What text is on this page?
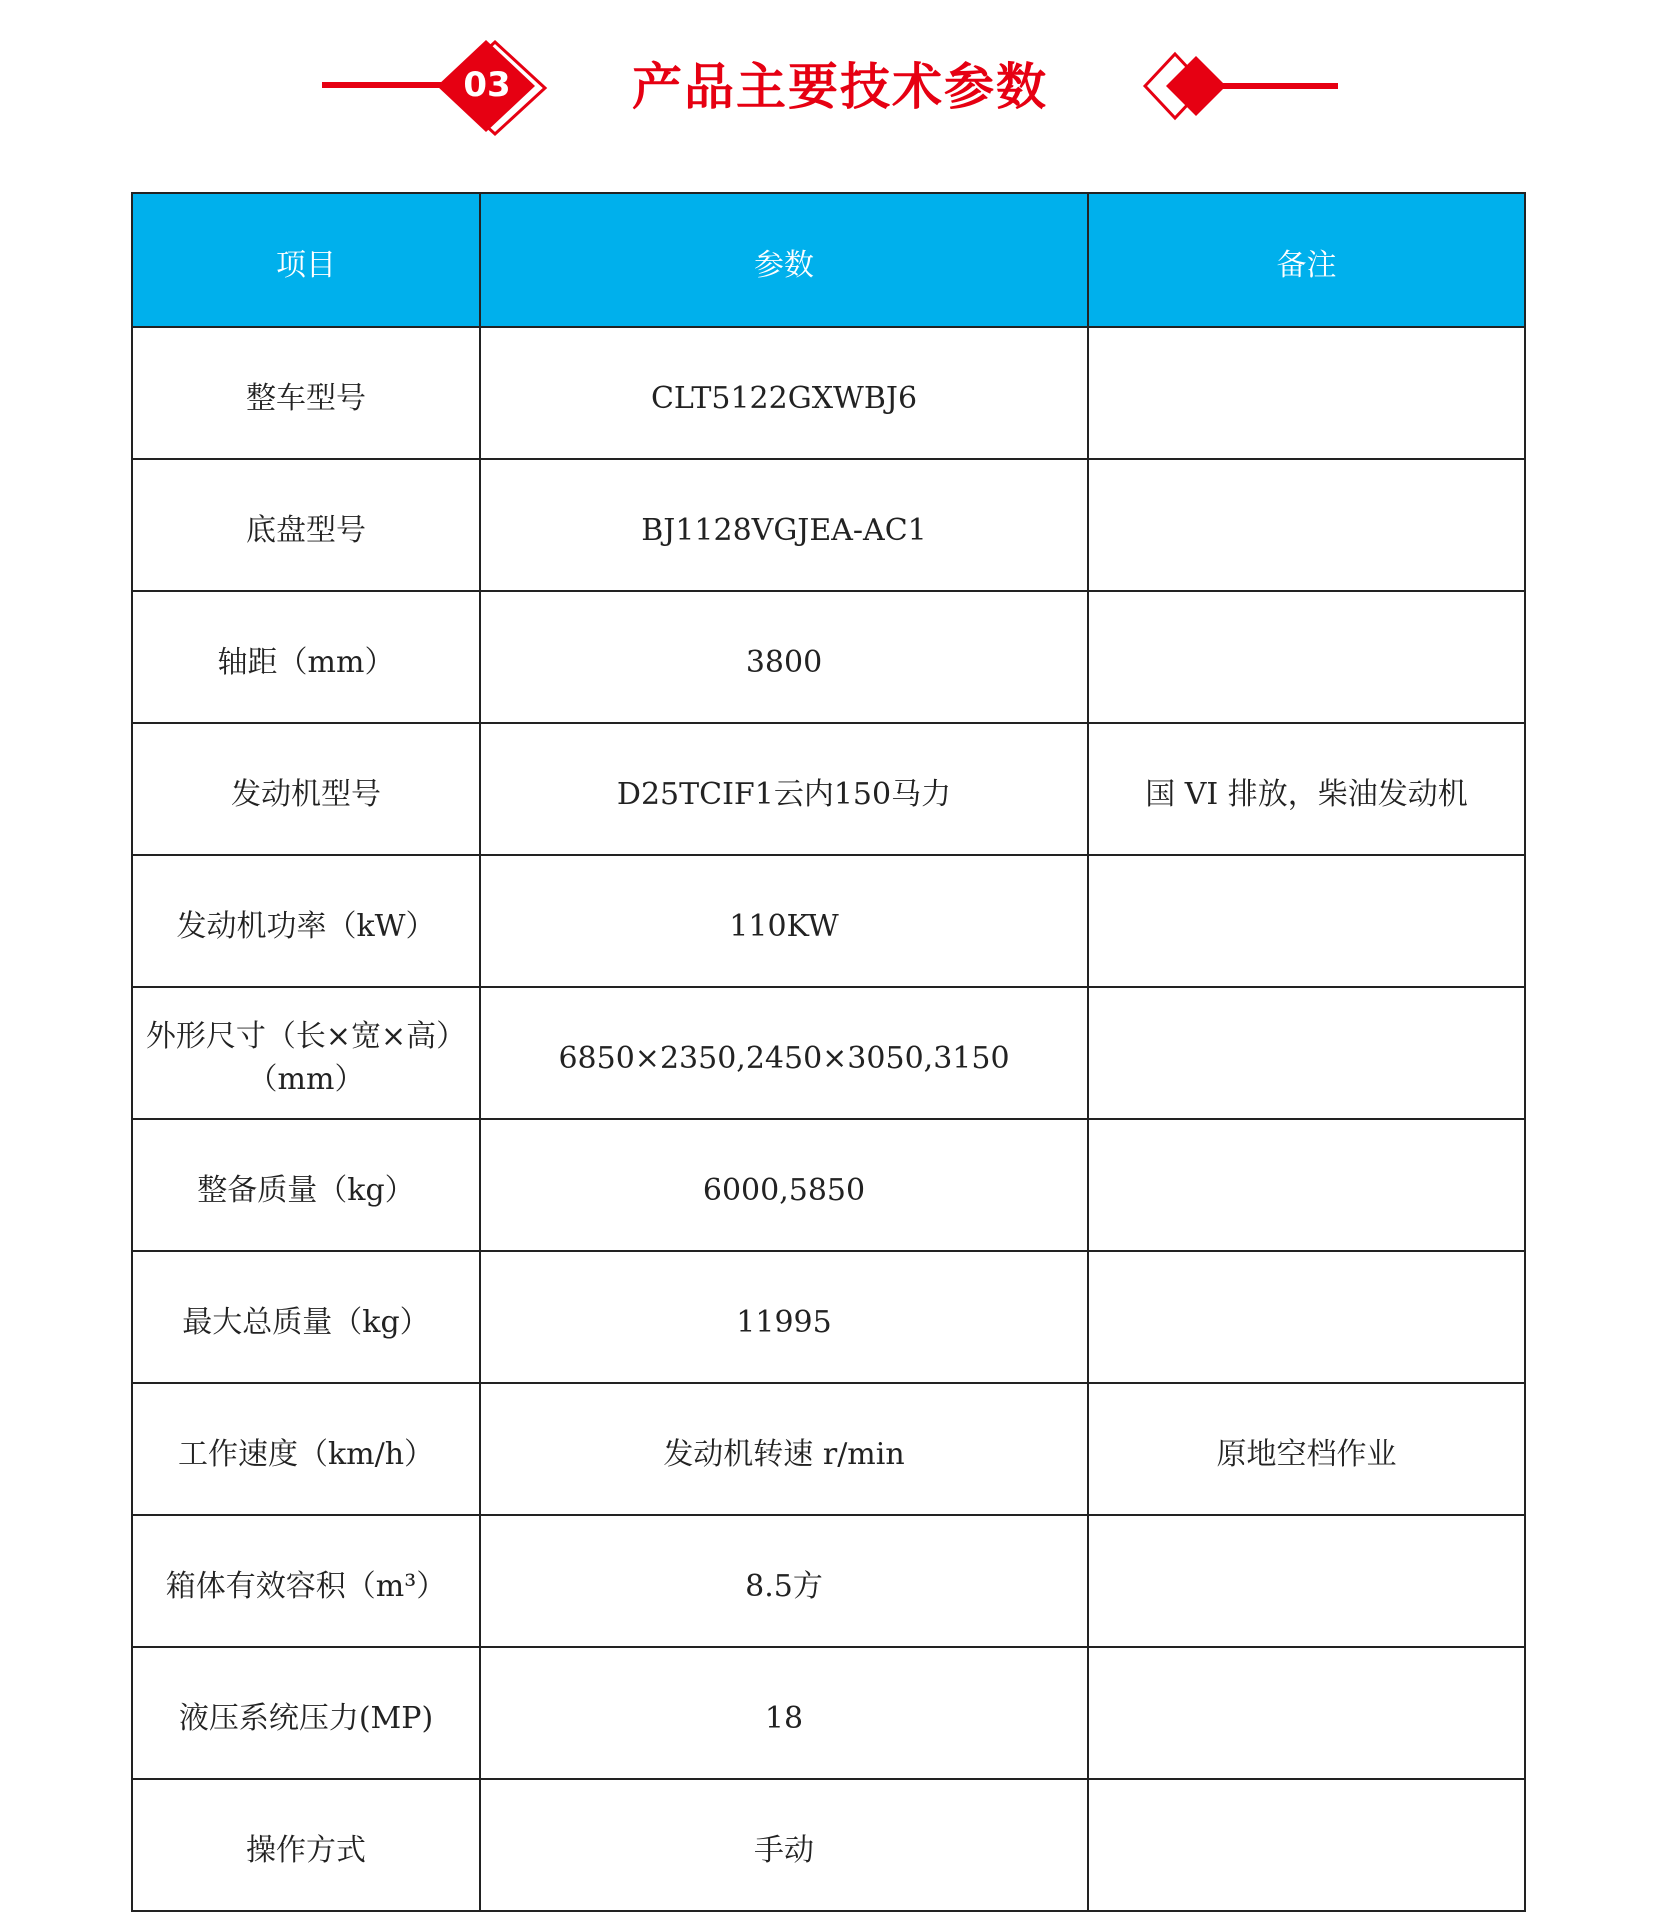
03 产品主要技术参数
项目	参数	备注
整车型号	CLT5122GXWBJ6	
底盘型号	BJ1128VGJEA-AC1	
轴距（mm）	3800	
发动机型号	D25TCIF1云内150马力	国 VI 排放，柴油发动机
发动机功率（kW）	110KW	
外形尺寸（长×宽×高）（mm）	6850×2350,2450×3050,3150	
整备质量（kg）	6000,5850	
最大总质量（kg）	11995	
工作速度（km/h）	发动机转速 r/min	原地空档作业
箱体有效容积（m³）	8.5方	
液压系统压力(MP)	18	
操作方式	手动	
